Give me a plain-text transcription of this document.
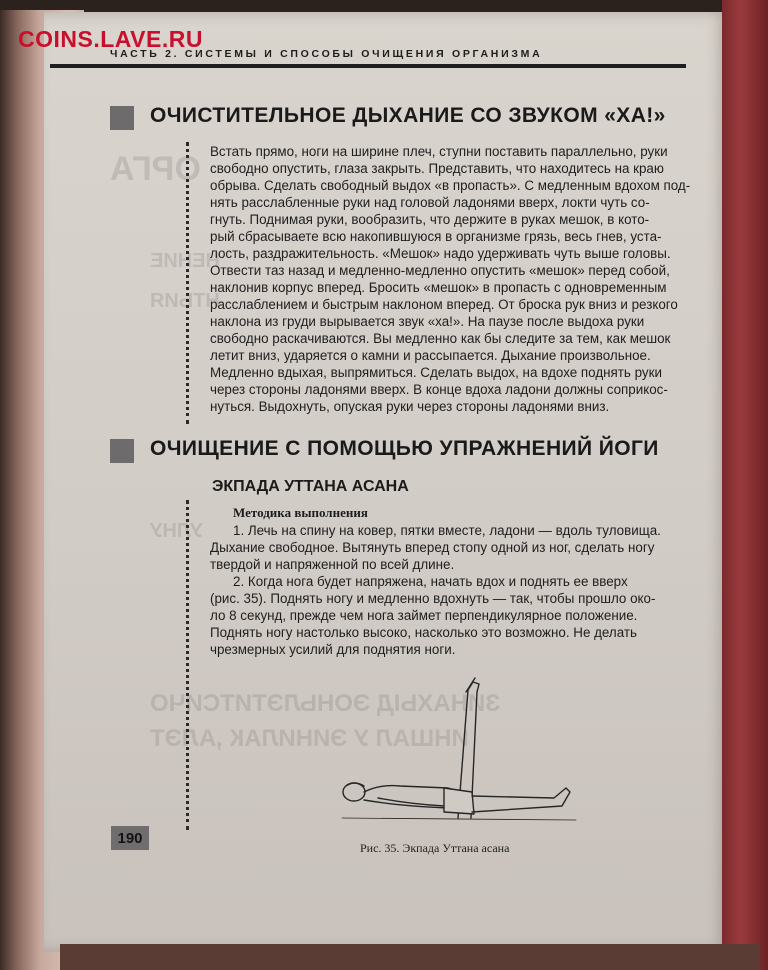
ОРГА
НЕНИЕ
НТЬИЯ
УЛНУ
ЗИНАХЫД ЭОНЬЛЭТИТСИЧО
ИНШАЛ У ЭИНИЛАК ,АЛЭТ
COINS.LAVE.RU
ЧАСТЬ 2. СИСТЕМЫ И СПОСОБЫ ОЧИЩЕНИЯ ОРГАНИЗМА
ОЧИСТИТЕЛЬНОЕ ДЫХАНИЕ СО ЗВУКОМ «ХА!»

Встать прямо, ноги на ширине плеч, ступни поставить параллельно, руки

свободно опустить, глаза закрыть. Представить, что находитесь на краю

обрыва. Сделать свободный выдох «в пропасть». С медленным вдохом под-

нять расслабленные руки над головой ладонями вверх, локти чуть со-

гнуть. Поднимая руки, вообразить, что держите в руках мешок, в кото-

рый сбрасываете всю накопившуюся в организме грязь, весь гнев, уста-

лость, раздражительность. «Мешок» надо удерживать чуть выше головы.

Отвести таз назад и медленно-медленно опустить «мешок» перед собой,

наклонив корпус вперед. Бросить «мешок» в пропасть с одновременным

расслаблением и быстрым наклоном вперед. От броска рук вниз и резкого

наклона из груди вырывается звук «ха!». На паузе после выдоха руки

свободно раскачиваются. Вы медленно как бы следите за тем, как мешок

летит вниз, ударяется о камни и рассыпается. Дыхание произвольное.

Медленно вдыхая, выпрямиться. Сделать выдох, на вдохе поднять руки

через стороны ладонями вверх. В конце вдоха ладони должны соприкос-

нуться. Выдохнуть, опуская руки через стороны ладонями вниз.

ОЧИЩЕНИЕ С ПОМОЩЬЮ УПРАЖНЕНИЙ ЙОГИ
ЭКПАДА УТТАНА АСАНА

Методика выполнения

1. Лечь на спину на ковер, пятки вместе, ладони — вдоль туловища.

Дыхание свободное. Вытянуть вперед стопу одной из ног, сделать ногу

твердой и напряженной по всей длине.

2. Когда нога будет напряжена, начать вдох и поднять ее вверх

(рис. 35). Поднять ногу и медленно вдохнуть — так, чтобы прошло око-

ло 8 секунд, прежде чем нога займет перпендикулярное положение.

Поднять ногу настолько высоко, насколько это возможно. Не делать

чрезмерных усилий для поднятия ноги.

Рис. 35. Экпада Уттана асана

190
